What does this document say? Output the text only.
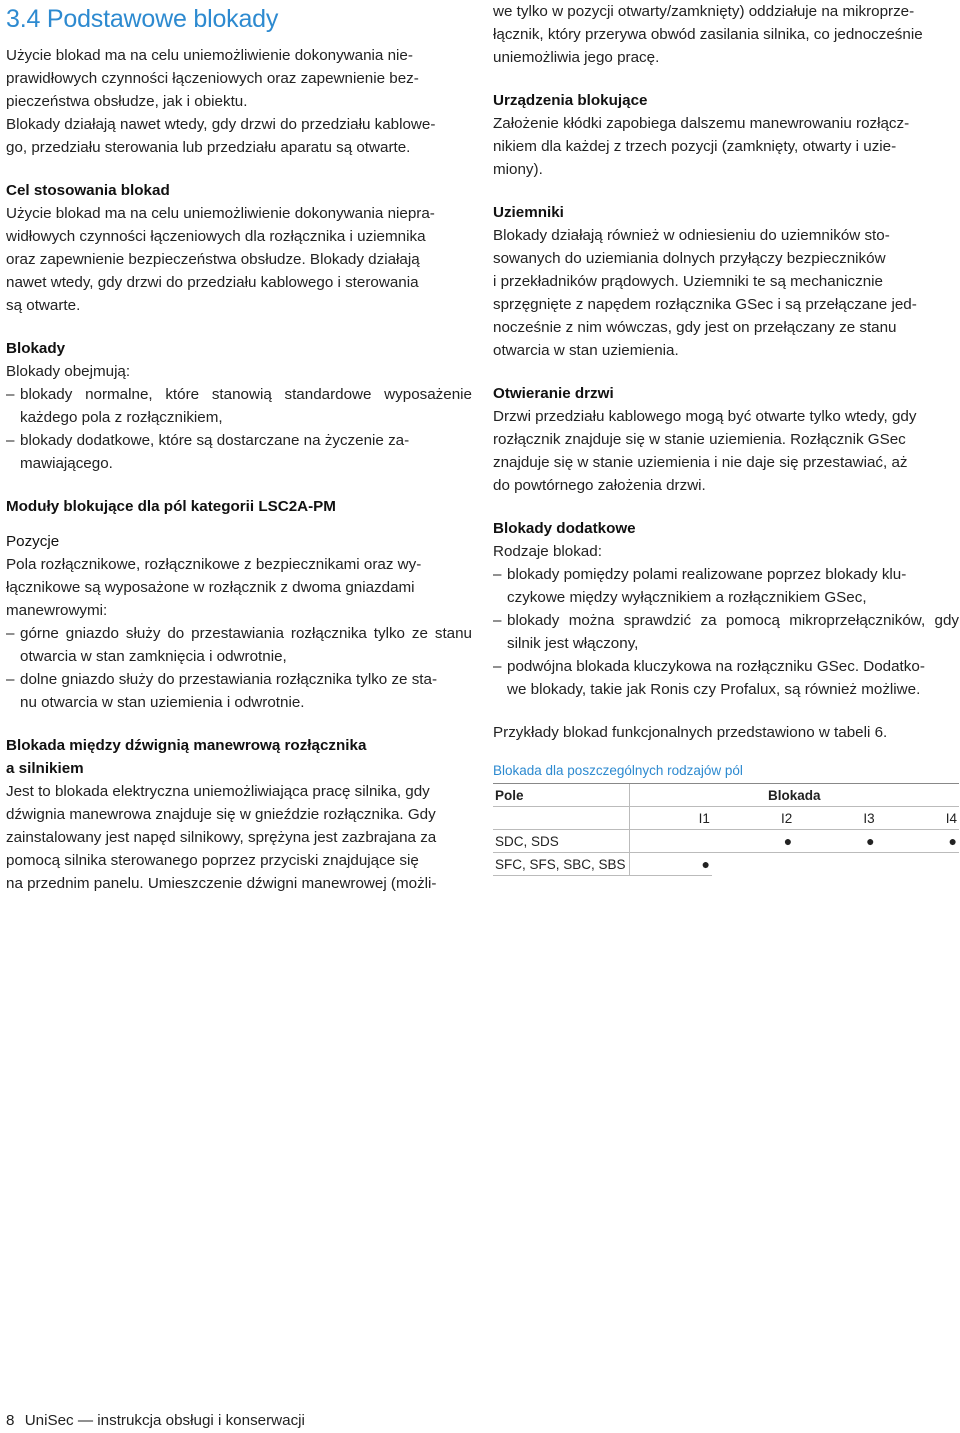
3.4 Podstawowe blokady

Użycie blokad ma na celu uniemożliwienie dokonywania nie-
prawidłowych czynności łączeniowych oraz zapewnienie bez-
pieczeństwa obsłudze, jak i obiektu.
Blokady działają nawet wtedy, gdy drzwi do przedziału kablowe-
go, przedziału sterowania lub przedziału aparatu są otwarte.

Cel stosowania blokad

Użycie blokad ma na celu uniemożliwienie dokonywania niepra-
widłowych czynności łączeniowych dla rozłącznika i uziemnika
oraz zapewnienie bezpieczeństwa obsłudze. Blokady działają
nawet wtedy, gdy drzwi do przedziału kablowego i sterowania
są otwarte.

Blokady

Blokady obejmują:

– blokady normalne, które stanowią standardowe wyposażenie każdego pola z rozłącznikiem,
– blokady dodatkowe, które są dostarczane na życzenie za-
mawiającego.
Moduły blokujące dla pól kategorii LSC2A-PM
Pozycje

Pola rozłącznikowe, rozłącznikowe z bezpiecznikami oraz wy-
łącznikowe są wyposażone w rozłącznik z dwoma gniazdami
manewrowymi:

– górne gniazdo służy do przestawiania rozłącznika tylko ze stanu otwarcia w stan zamknięcia i odwrotnie,
– dolne gniazdo służy do przestawiania rozłącznika tylko ze sta-
nu otwarcia w stan uziemienia i odwrotnie.
Blokada między dźwignią manewrową rozłącznika
a silnikiem

Jest to blokada elektryczna uniemożliwiająca pracę silnika, gdy
dźwignia manewrowa znajduje się w gnieździe rozłącznika. Gdy
zainstalowany jest napęd silnikowy, sprężyna jest zazbrajana za
pomocą silnika sterowanego poprzez przyciski znajdujące się
na przednim panelu. Umieszczenie dźwigni manewrowej (możli-

we tylko w pozycji otwarty/zamknięty) oddziałuje na mikroprze-
łącznik, który przerywa obwód zasilania silnika, co jednocześnie
uniemożliwia jego pracę.

Urządzenia blokujące

Założenie kłódki zapobiega dalszemu manewrowaniu rozłącz-
nikiem dla każdej z trzech pozycji (zamknięty, otwarty i uzie-
miony).

Uziemniki

Blokady działają również w odniesieniu do uziemników sto-
sowanych do uziemiania dolnych przyłączy bezpieczników
i przekładników prądowych. Uziemniki te są mechanicznie
sprzęgnięte z napędem rozłącznika GSec i są przełączane jed-
nocześnie z nim wówczas, gdy jest on przełączany ze stanu
otwarcia w stan uziemienia.

Otwieranie drzwi

Drzwi przedziału kablowego mogą być otwarte tylko wtedy, gdy
rozłącznik znajduje się w stanie uziemienia. Rozłącznik GSec
znajduje się w stanie uziemienia i nie daje się przestawiać, aż
do powtórnego założenia drzwi.

Blokady dodatkowe

Rodzaje blokad:

– blokady pomiędzy polami realizowane poprzez blokady klu-
czykowe między wyłącznikiem a rozłącznikiem GSec,
– blokady można sprawdzić za pomocą mikroprzełączników, gdy silnik jest włączony,
– podwójna blokada kluczykowa na rozłączniku GSec. Dodatko-
we blokady, takie jak Ronis czy Profalux, są również możliwe.

Przykłady blokad funkcjonalnych przedstawiono w tabeli 6.

Blokada dla poszczególnych rodzajów pól
Pole	Blokada			
	I1	I2	I3	I4
SDC, SDS		●	●	●
SFC, SFS, SBC, SBS	●			
8 UniSec — instrukcja obsługi i konserwacji
